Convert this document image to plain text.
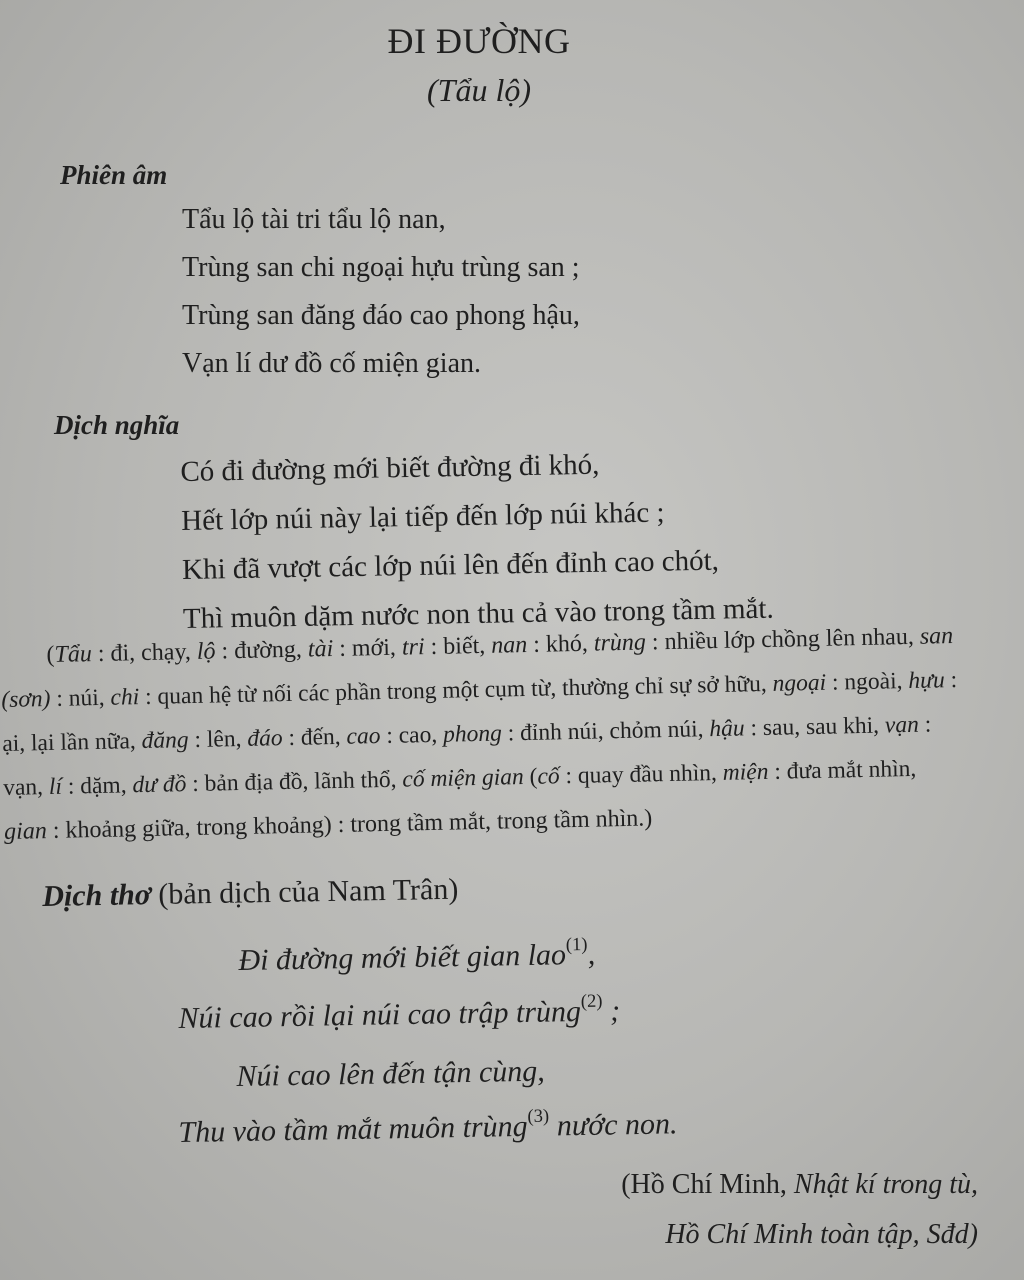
ĐI ĐƯỜNG
(Tẩu lộ)
Phiên âm
Tẩu lộ tài tri tẩu lộ nan,
Trùng san chi ngoại hựu trùng san ;
Trùng san đăng đáo cao phong hậu,
Vạn lí dư đồ cố miện gian.
Dịch nghĩa
Có đi đường mới biết đường đi khó,
Hết lớp núi này lại tiếp đến lớp núi khác ;
Khi đã vượt các lớp núi lên đến đỉnh cao chót,
Thì muôn dặm nước non thu cả vào trong tầm mắt.
(Tẩu : đi, chạy, lộ : đường, tài : mới, tri : biết, nan : khó, trùng : nhiều lớp chồng lên nhau, san
(sơn) : núi, chi : quan hệ từ nối các phần trong một cụm từ, thường chỉ sự sở hữu, ngoại : ngoài, hựu :
ại, lại lần nữa, đăng : lên, đáo : đến, cao : cao, phong : đỉnh núi, chỏm núi, hậu : sau, sau khi, vạn :
vạn, lí : dặm, dư đồ : bản địa đồ, lãnh thổ, cố miện gian (cố : quay đầu nhìn, miện : đưa mắt nhìn,
gian : khoảng giữa, trong khoảng) : trong tầm mắt, trong tầm nhìn.)
Dịch thơ (bản dịch của Nam Trân)
Đi đường mới biết gian lao$^{(1)}$,
Núi cao rồi lại núi cao trập trùng$^{(2)}$ ;
Núi cao lên đến tận cùng,
Thu vào tầm mắt muôn trùng$^{(3)}$ nước non.
(Hồ Chí Minh, Nhật kí trong tù,
Hồ Chí Minh toàn tập, Sđd)
